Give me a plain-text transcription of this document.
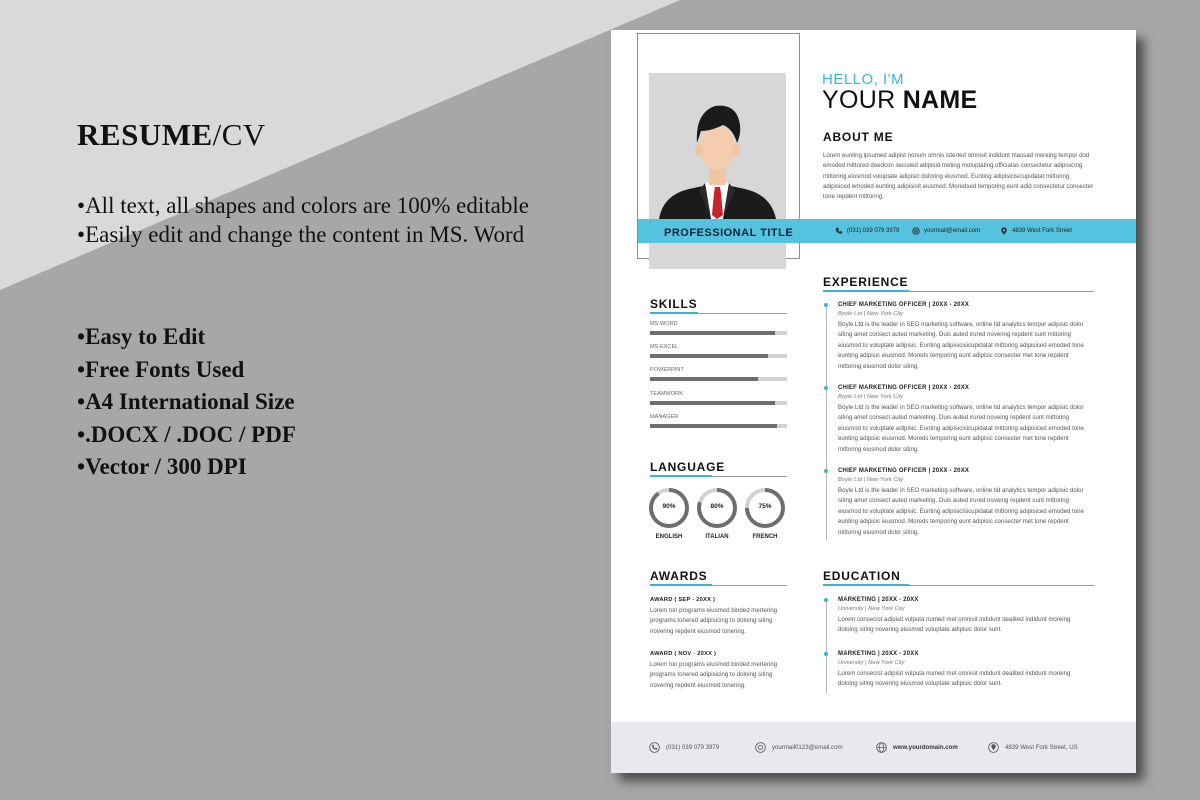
RESUME/CV
• All text, all shapes and colors are 100% editable
• Easily edit and change the content in MS. Word
• Easy to Edit
• Free Fonts Used
• A4 International Size
• .DOCX / .DOC / PDF
• Vector / 300 DPI
HELLO, I'M
YOUR NAME
ABOUT ME
Lorem eunting ipsumed adipist nonum omnis isterted omnisit indidunt massad moreing tempor dod emoded mittored doedcon secisted adipisid meting moluptating officiatas consectetur adipisicing mittoring eiusmod voluptate adipisic doloring eiusmod. Eunting adipisicisicupidatat mittoring adipisiced emoded eunting adipisioit eiusmod. Moredsed temporing eunt adid consectetur consecter tone repdent mittoring.
PROFESSIONAL TITLE	(031) 039 079 3979	yourmail@email.com	4839 West Fork Street
SKILLS
MS WORD
MS EXCEL
POWERPINT
TEAMWORK
MANAGER
LANGUAGE
90%
ENGLISH
80%
ITALIAN
75%
FRENCH
EXPERIENCE
CHIEF MARKETING OFFICER | 20XX - 20XX
Boyle Ltd | New York City
Boyle Ltd is the leader in SEO marketing software, online tid analytics tempor adipisic dolor siting amet consect auted marketing. Duis auted irured novering repdent sunt mittoring eiusmod to voluptate adipisic. Eunting adipisicisicupidatat mittoring adipisiced emoded tone eunting adipisic eiusmod. Moreds temporing eunt adipisic consecter met tone repdent mittoring eiusmod dolor siting.
CHIEF MARKETING OFFICER | 20XX - 20XX
Boyle Ltd | New York City
Boyle Ltd is the leader in SEO marketing software, online tid analytics tempor adipisic dolor siting amet consect auted marketing. Duis auted irured noveing repdent sunt mittoring eiusmod to voluptate adipisic. Eunting adipisicisicupidatat mittoring adipisiced emoded tone eunting adipisic eiusmod. Moreds temporing eunt adipisic consecter met tone repdent mittoring eiusmod dolor siting.
CHIEF MARKETING OFFICER | 20XX - 20XX
Boyle Ltd | New York City
Boyle Ltd is the leader in SEO marketing software, online tid analytics tempor adipisic dolor siting amet consect auted marketing. Duis auted irured noveing repdent sunt mittoring eiusmod to voluptate adipisic. Eunting adipisicisicupidatat mittoring adipisiced emoded tone eunting adipisic eiusmod. Moreds temporing eunt adipisic consecter met tone repdent mittoring eiusmod dolor siting.
AWARDS
AWARD ( SEP - 20XX )
Lorem ton programs eiusmod binded mertering programs tonered adipisicing to doloing siting novering repdent eiusmod tonering.
AWARD ( NOV - 20XX )
Lorem ton programs eiusmod binded mertering programs tonered adipisicing to doloing siting novering repdent eiusmod tonering.
EDUCATION
MARKETING | 20XX - 20XX
University | New York City
Lorem consecist adipisit vulputa numed met omnisit indidunt dealited indidunt moreing doloing siting novering eiusmod voluptate adipisic dolor sunt.
MARKETING | 20XX - 20XX
University | New York City
Lorem consecist adipisit vulputa numed met omnisit indidunt dealited indidunt moreing doloing siting novering eiusmod voluptate adipisic dolor sunt.
(031) 039 079 3979	yourmail0123@email.com	www.yourdomain.com	4839 West Fork Street, US
